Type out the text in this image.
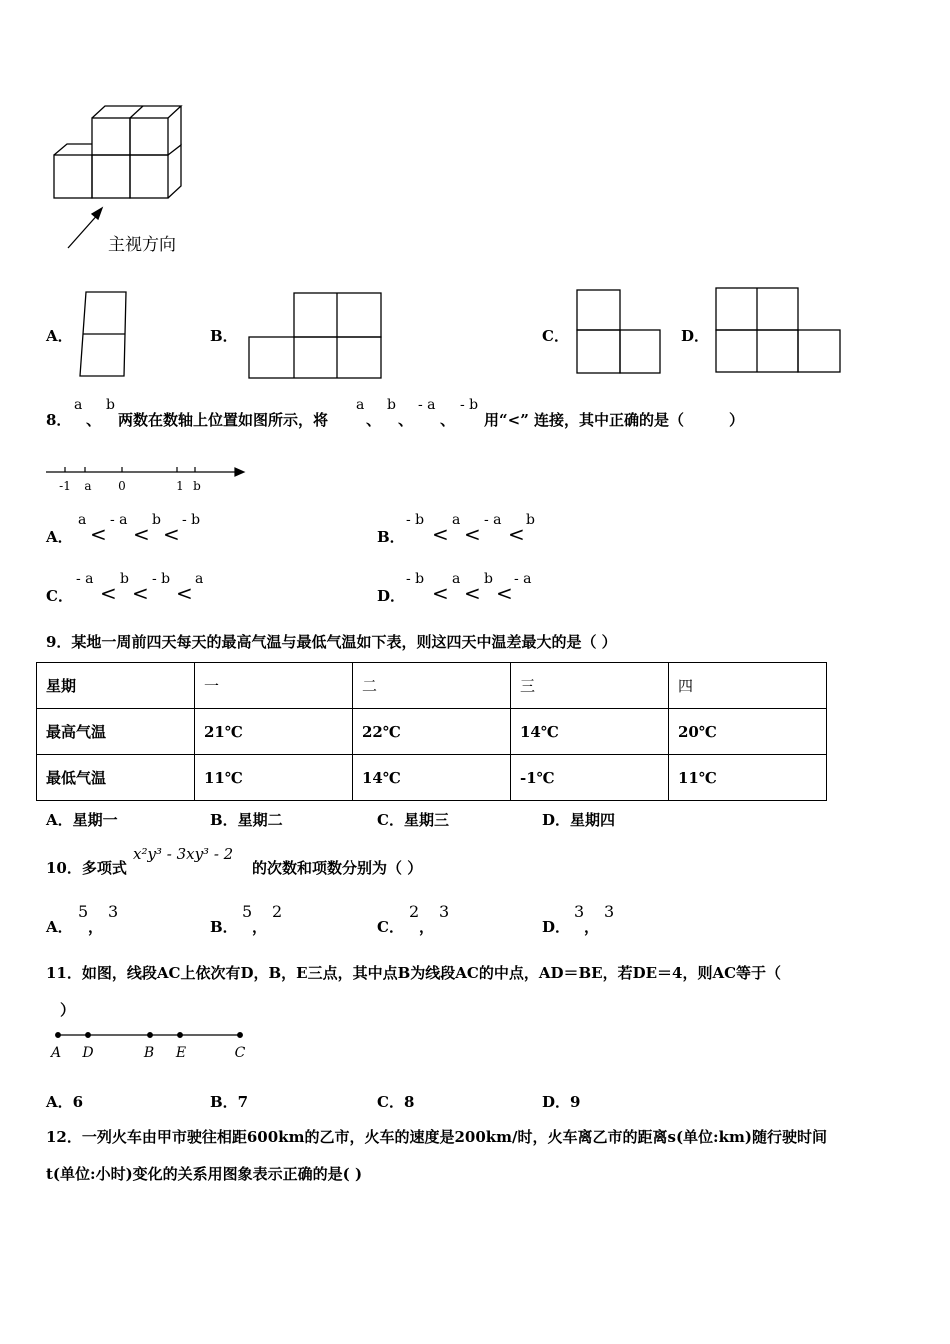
主视方向
A．	B．	C．	D．
8．
a
、
b
两数在数轴上位置如图所示，将
a
、
b
、
- a
、
- b
用“<” 连接，其中正确的是（　　　）
-1 a 0	1 b
A．
a
<
- a
<
b
<
- b
B．
- b
<
a
<
- a
<
b
C．
- a
<
b
<
- b
<
a
D．
- b
<
a
<
b
<
- a
9．某地一周前四天每天的最高气温与最低气温如下表，则这四天中温差最大的是（ ）
星期	一	二	三	四
最高气温	21℃	22℃	14℃	20℃
最低气温	11℃	14℃	-1℃	11℃
A．星期一	B．星期二	C．星期三	D．星期四
10．多项式
x²y³ - 3xy³ - 2
的次数和项数分别为（ ）
A．
5
，
3
B．
5
，
2
C．
2
，
3
D．
3
，
3
11．如图，线段AC上依次有D，B，E三点，其中点B为线段AC的中点，AD＝BE，若DE＝4，则AC等于（
）
A D	B E	C
A．6	B．7	C．8	D．9
12．一列火车由甲市驶往相距600km的乙市，火车的速度是200km/时，火车离乙市的距离s(单位:km)随行驶时间
t(单位:小时)变化的关系用图象表示正确的是( )
